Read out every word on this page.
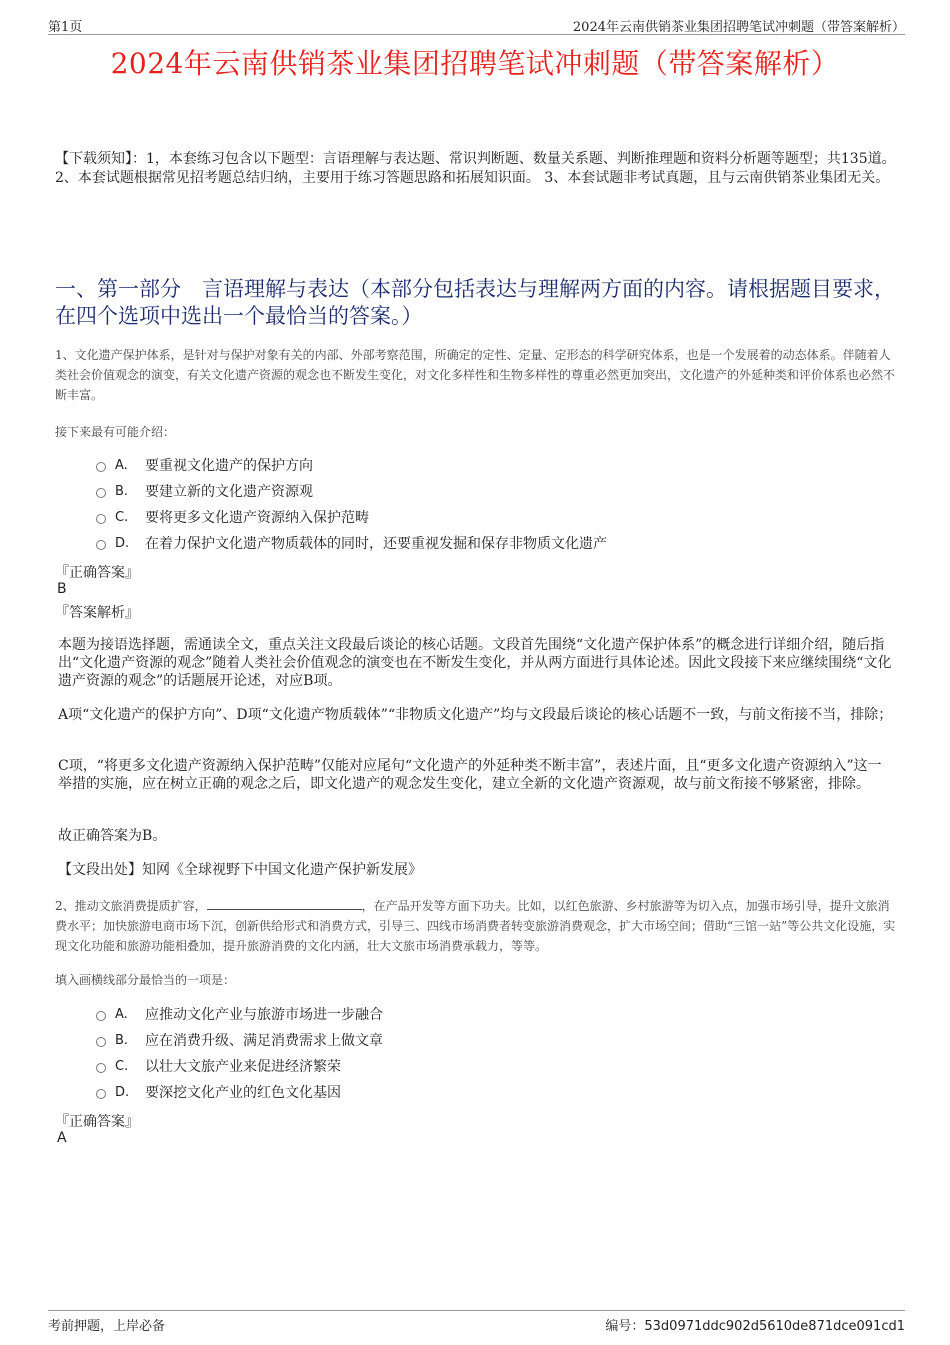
第1页	2024年云南供销茶业集团招聘笔试冲刺题（带答案解析）
2024年云南供销茶业集团招聘笔试冲刺题（带答案解析）
【下载须知】：1，本套练习包含以下题型：言语理解与表达题、常识判断题、数量关系题、判断推理题和资料分析题等题型；共135道。 2、本套试题根据常见招考题总结归纳，主要用于练习答题思路和拓展知识面。 3、本套试题非考试真题，且与云南供销茶业集团无关。
一、第一部分　言语理解与表达（本部分包括表达与理解两方面的内容。请根据题目要求，在四个选项中选出一个最恰当的答案。）
1、文化遗产保护体系，是针对与保护对象有关的内部、外部考察范围，所确定的定性、定量、定形态的科学研究体系，也是一个发展着的动态体系。伴随着人类社会价值观念的演变，有关文化遗产资源的观念也不断发生变化，对文化多样性和生物多样性的尊重必然更加突出，文化遗产的外延种类和评价体系也必然不断丰富。
接下来最有可能介绍：
A.	要重视文化遗产的保护方向
B.	要建立新的文化遗产资源观
C.	要将更多文化遗产资源纳入保护范畴
D.	在着力保护文化遗产物质载体的同时，还要重视发掘和保存非物质文化遗产
『正确答案』
B
『答案解析』
本题为接语选择题，需通读全文，重点关注文段最后谈论的核心话题。文段首先围绕“文化遗产保护体系”的概念进行详细介绍，随后指出“文化遗产资源的观念”随着人类社会价值观念的演变也在不断发生变化，并从两方面进行具体论述。因此文段接下来应继续围绕“文化遗产资源的观念”的话题展开论述，对应B项。
A项“文化遗产的保护方向”、D项“文化遗产物质载体”“非物质文化遗产”均与文段最后谈论的核心话题不一致，与前文衔接不当，排除；
C项，“将更多文化遗产资源纳入保护范畴”仅能对应尾句“文化遗产的外延种类不断丰富”，表述片面，且“更多文化遗产资源纳入”这一举措的实施，应在树立正确的观念之后，即文化遗产的观念发生变化，建立全新的文化遗产资源观，故与前文衔接不够紧密，排除。
故正确答案为B。
【文段出处】知网《全球视野下中国文化遗产保护新发展》
2、推动文旅消费提质扩容，	，在产品开发等方面下功夫。比如，以红色旅游、乡村旅游等为切入点，加强市场引导，提升文旅消费水平；加快旅游电商市场下沉，创新供给形式和消费方式，引导三、四线市场消费者转变旅游消费观念，扩大市场空间；借助“三馆一站”等公共文化设施，实现文化功能和旅游功能相叠加，提升旅游消费的文化内涵，壮大文旅市场消费承载力，等等。
填入画横线部分最恰当的一项是：
A.	应推动文化产业与旅游市场进一步融合
B.	应在消费升级、满足消费需求上做文章
C.	以壮大文旅产业来促进经济繁荣
D.	要深挖文化产业的红色文化基因
『正确答案』
A
考前押题，上岸必备	编号：53d0971ddc902d5610de871dce091cd1
